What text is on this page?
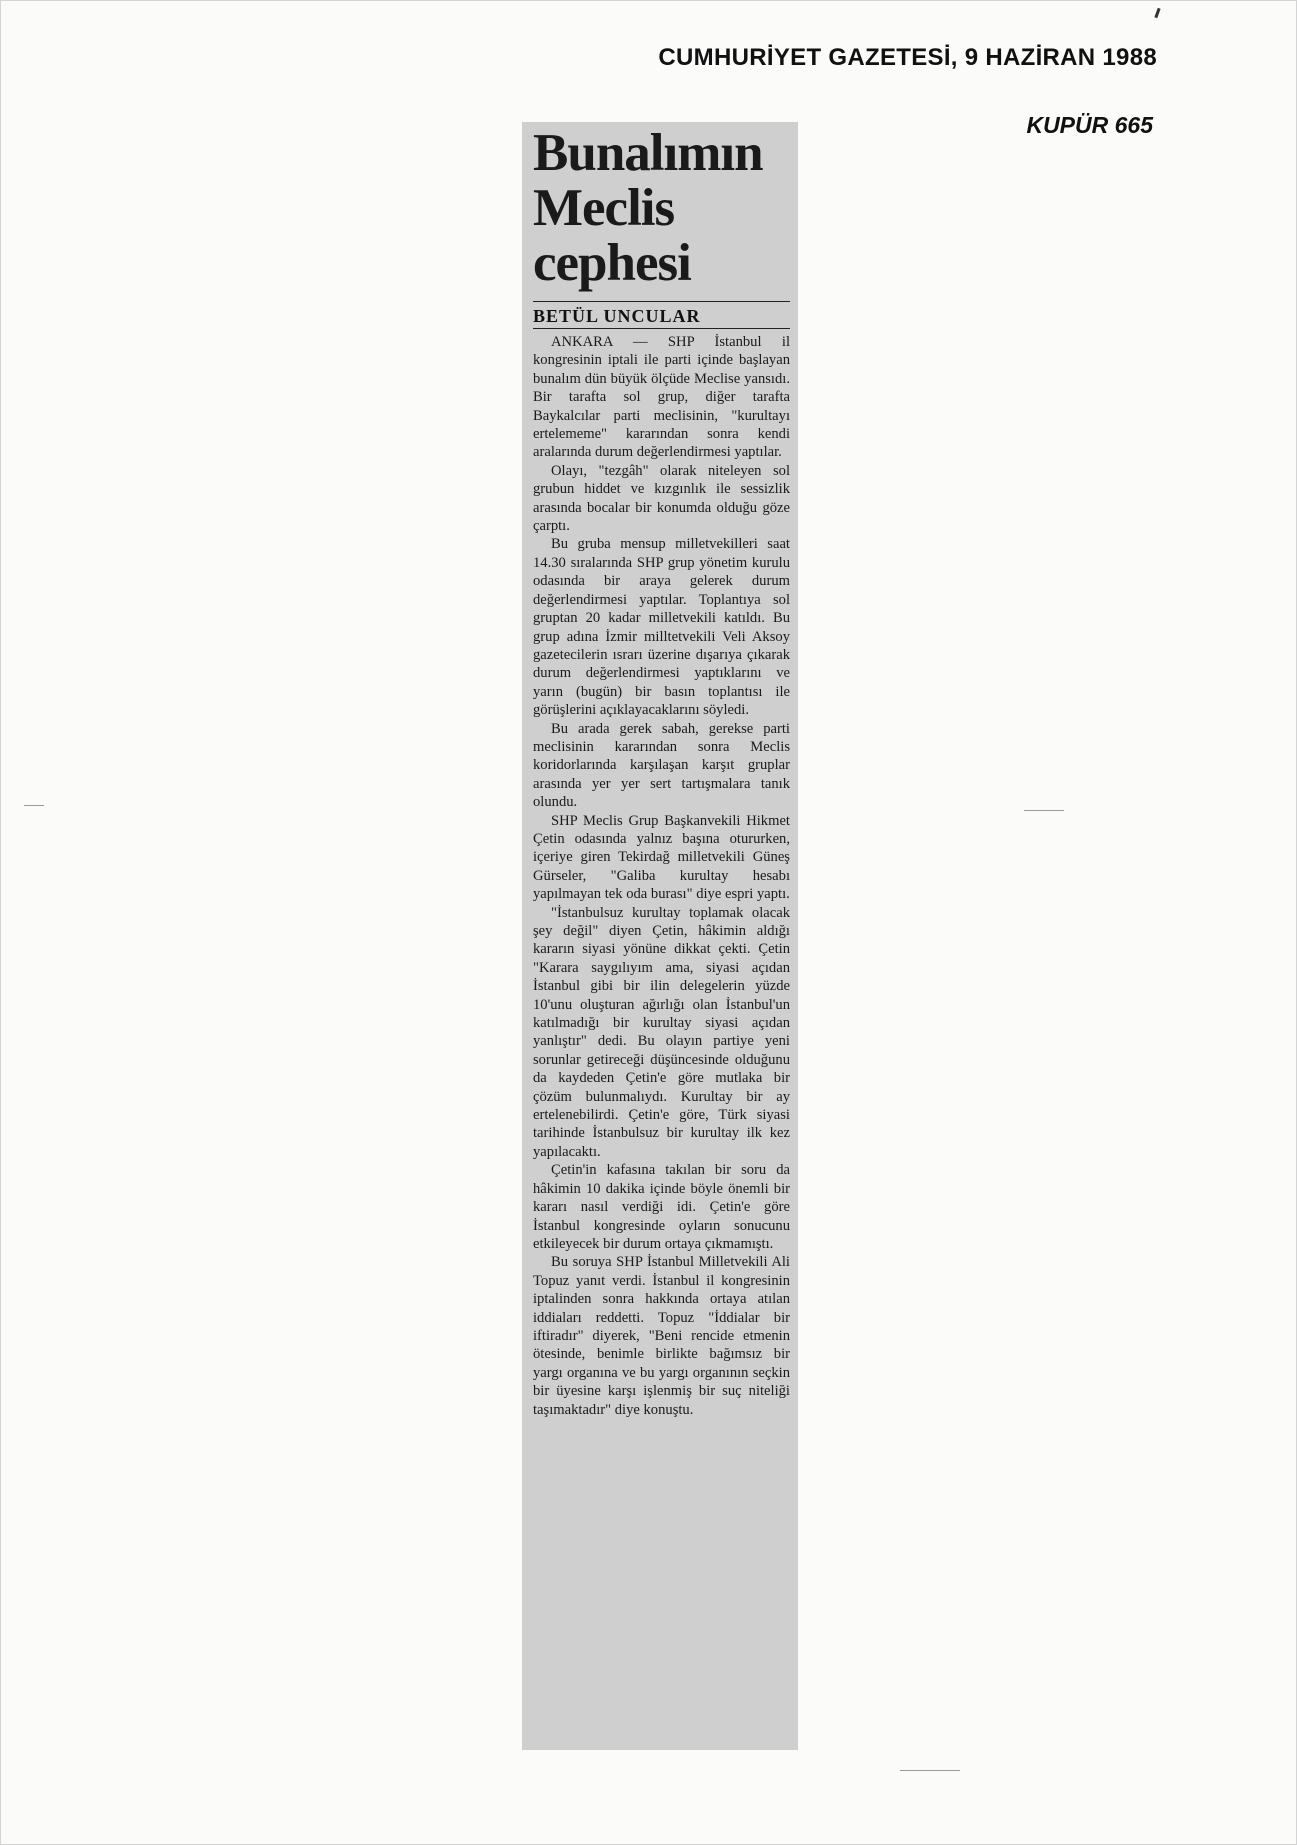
CUMHURİYET GAZETESİ, 9 HAZİRAN 1988
KUPÜR 665
Bunalımın
Meclis
cephesi
BETÜL UNCULAR

ANKARA — SHP İstanbul il kongresinin iptali ile parti içinde başlayan bunalım dün büyük ölçüde Meclise yansıdı. Bir tarafta sol grup, diğer tarafta Baykalcılar parti meclisinin, "kurultayı ertelememe" kararından sonra kendi aralarında durum değerlendirmesi yaptılar.

Olayı, "tezgâh" olarak niteleyen sol grubun hiddet ve kızgınlık ile sessizlik arasında bocalar bir konumda olduğu göze çarptı.

Bu gruba mensup milletvekilleri saat 14.30 sıralarında SHP grup yönetim kurulu odasında bir araya gelerek durum değerlendirmesi yaptılar. Toplantıya sol gruptan 20 kadar milletvekili katıldı. Bu grup adına İzmir milltetvekili Veli Aksoy gazetecilerin ısrarı üzerine dışarıya çıkarak durum değerlendirmesi yaptıklarını ve yarın (bugün) bir basın toplantısı ile görüşlerini açıklayacaklarını söyledi.

Bu arada gerek sabah, gerekse parti meclisinin kararından sonra Meclis koridorlarında karşılaşan karşıt gruplar arasında yer yer sert tartışmalara tanık olundu.

SHP Meclis Grup Başkanvekili Hikmet Çetin odasında yalnız başına otururken, içeriye giren Tekirdağ milletvekili Güneş Gürseler, "Galiba kurultay hesabı yapılmayan tek oda burası" diye espri yaptı.

"İstanbulsuz kurultay toplamak olacak şey değil" diyen Çetin, hâkimin aldığı kararın siyasi yönüne dikkat çekti. Çetin "Karara saygılıyım ama, siyasi açıdan İstanbul gibi bir ilin delegelerin yüzde 10'unu oluşturan ağırlığı olan İstanbul'un katılmadığı bir kurultay siyasi açıdan yanlıştır" dedi. Bu olayın partiye yeni sorunlar getireceği düşüncesinde olduğunu da kaydeden Çetin'e göre mutlaka bir çözüm bulunmalıydı. Kurultay bir ay ertelenebilirdi. Çetin'e göre, Türk siyasi tarihinde İstanbulsuz bir kurultay ilk kez yapılacaktı.

Çetin'in kafasına takılan bir soru da hâkimin 10 dakika içinde böyle önemli bir kararı nasıl verdiği idi. Çetin'e göre İstanbul kongresinde oyların sonucunu etkileyecek bir durum ortaya çıkmamıştı.

Bu soruya SHP İstanbul Milletvekili Ali Topuz yanıt verdi. İstanbul il kongresinin iptalinden sonra hakkında ortaya atılan iddiaları reddetti. Topuz "İddialar bir iftiradır" diyerek, "Beni rencide etmenin ötesinde, benimle birlikte bağımsız bir yargı organına ve bu yargı organının seçkin bir üyesine karşı işlenmiş bir suç niteliği taşımaktadır" diye konuştu.
